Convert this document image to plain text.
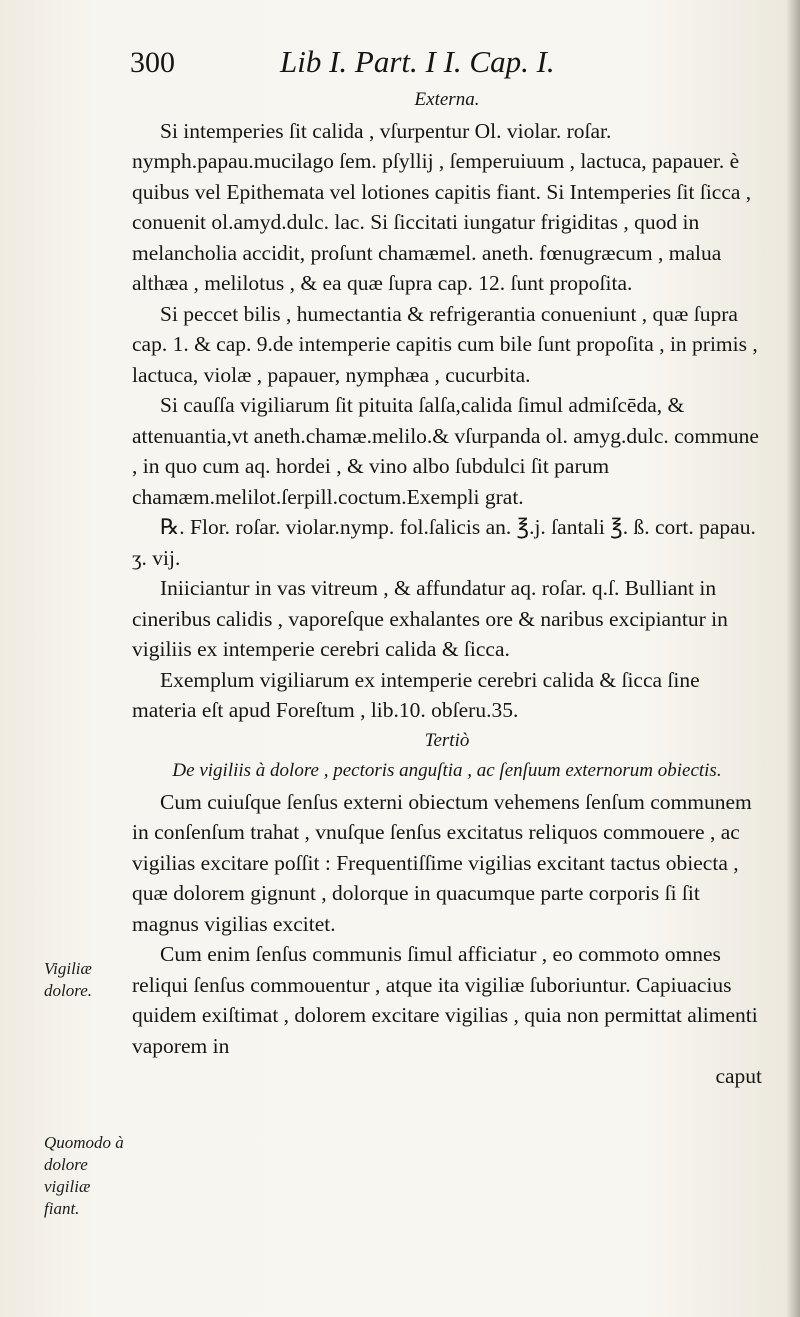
300	Lib I. Part. I I. Cap. I.
Vigiliæ dolore.
Quomodo à dolore vigiliæ fiant.

Externa.

Si intemperies ſit calida , vſurpentur Ol. violar. roſar. nymph.papau.mucilago ſem. pſyllij , ſemperuiuum , lactuca, papauer. è quibus vel Epithemata vel lotiones capitis fiant. Si Intemperies ſit ſicca , conuenit ol.amyd.dulc. lac. Si ſiccitati iungatur frigiditas , quod in melancholia accidit, proſunt chamæmel. aneth. fœnugræcum , malua althæa , melilotus , & ea quæ ſupra cap. 12. ſunt propoſita.

Si peccet bilis , humectantia & refrigerantia conueniunt , quæ ſupra cap. 1. & cap. 9.de intemperie capitis cum bile ſunt propoſita , in primis , lactuca, violæ , papauer, nymphæa , cucurbita.

Si cauſſa vigiliarum ſit pituita ſalſa,calida ſimul admiſcēda, & attenuantia,vt aneth.chamæ.melilo.& vſurpanda ol. amyg.dulc. commune , in quo cum aq. hordei , & vino albo ſubdulci ſit parum chamæm.melilot.ſerpill.coctum.Exempli grat.

℞. Flor. roſar. violar.nymp. fol.ſalicis an. ℥.j. ſantali ℥. ß. cort. papau. ʒ. vij.

Iniiciantur in vas vitreum , & affundatur aq. roſar. q.ſ. Bulliant in cineribus calidis , vaporeſque exhalantes ore & naribus excipiantur in vigiliis ex intemperie cerebri calida & ſicca.

Exemplum vigiliarum ex intemperie cerebri calida & ſicca ſine materia eſt apud Foreſtum , lib.10. obſeru.35.

Tertiò

De vigiliis à dolore , pectoris anguſtia , ac ſenſuum externorum obiectis.

Cum cuiuſque ſenſus externi obiectum vehemens ſenſum communem in conſenſum trahat , vnuſque ſenſus excitatus reliquos commouere , ac vigilias excitare poſſit : Frequentiſſime vigilias excitant tactus obiecta , quæ dolorem gignunt , dolorque in quacumque parte corporis ſi ſit magnus vigilias excitet.

Cum enim ſenſus communis ſimul afficiatur , eo commoto omnes reliqui ſenſus commouentur , atque ita vigiliæ ſuboriuntur. Capiuacius quidem exiſtimat , dolorem excitare vigilias , quia non permittat alimenti vaporem in

caput
